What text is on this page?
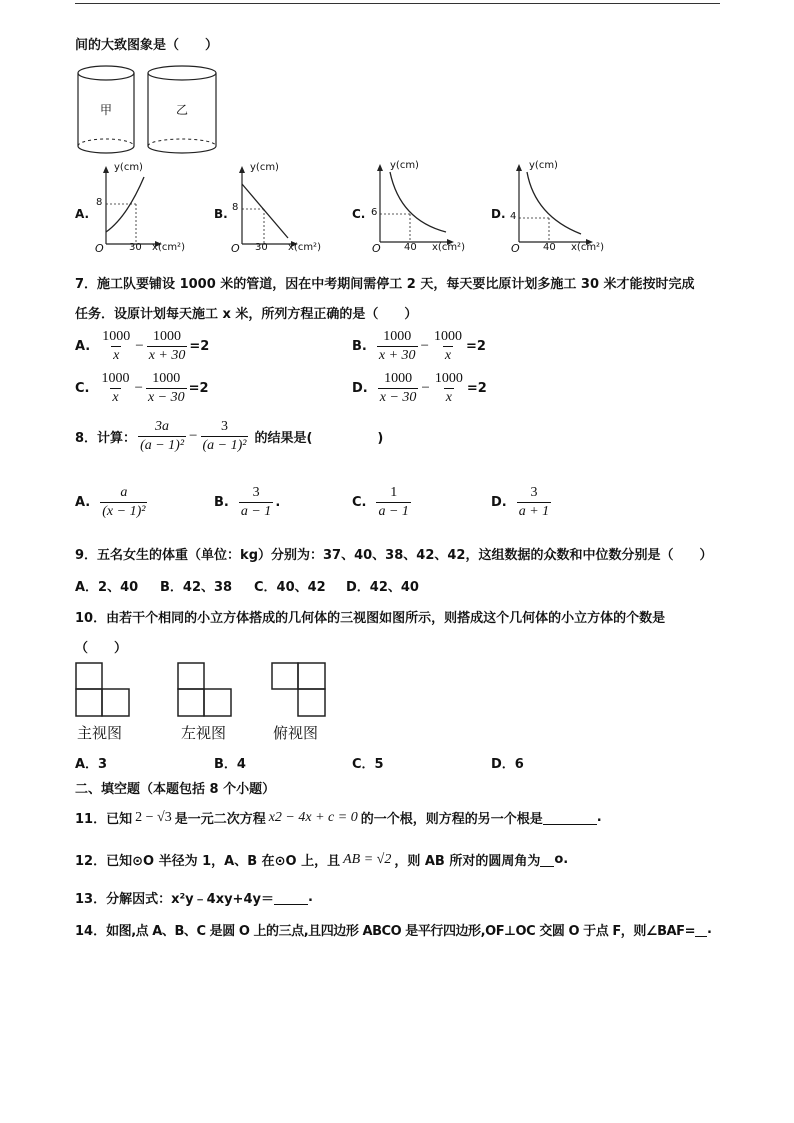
间的大致图象是（　　）
甲	乙
A.
y(cm)
x(cm²)
O	30
8
B.
y(cm)
x(cm²)
O 30
8	C.
y(cm)
x(cm²)
O 40
6	D.
y(cm)
x(cm²)
O 40
4
7．施工队要铺设 1000 米的管道，因在中考期间需停工 2 天，每天要比原计划多施工 30 米才能按时完成
任务．设原计划每天施工 x 米，所列方程正确的是（　　）
A. $\frac{1000}{x} - \frac{1000}{x + 30} =2$	B. $\frac{1000}{x + 30} - \frac{1000}{x} =2$
C. $\frac{1000}{x} - \frac{1000}{x - 30} =2$	D. $\frac{1000}{x - 30} - \frac{1000}{x} =2$
8． 计算： $\frac{3a}{\text{(a − 1)²}} - \frac{3}{\text{(a − 1)²}}$ 的结果是(　　　　　)
A. $\frac{a}{\text{(x − 1)²}}$	B. $\frac{3}{a - 1}$ .	C. $\frac{1}{a - 1}$	D. $\frac{3}{a + 1}$
9．五名女生的体重（单位：kg）分别为：37、40、38、42、42，这组数据的众数和中位数分别是（　　）
A．2、40 B．42、38 C．40、42 D．42、40
10．由若干个相同的小立方体搭成的几何体的三视图如图所示，则搭成这个几何体的小立方体的个数是
（　　）
主视图	左视图	俯视图
A．3	B．4	C．5	D．6
二、填空题（本题包括 8 个小题）
11． 已知 2 − √3 是一元二次方程 x2 − 4x + c = 0 的一个根，则方程的另一个根是	.
12． 已知⊙O 半径为 1，A、B 在⊙O 上，且 AB = √2 ，则 AB 所对的圆周角为 o.
13． 分解因式：x²y﹣4xy+4y＝	.
14． 如图,点 A、B、C 是圆 O 上的三点,且四边形 ABCO 是平行四边形,OF⊥OC 交圆 O 于点 F，则∠BAF= .
